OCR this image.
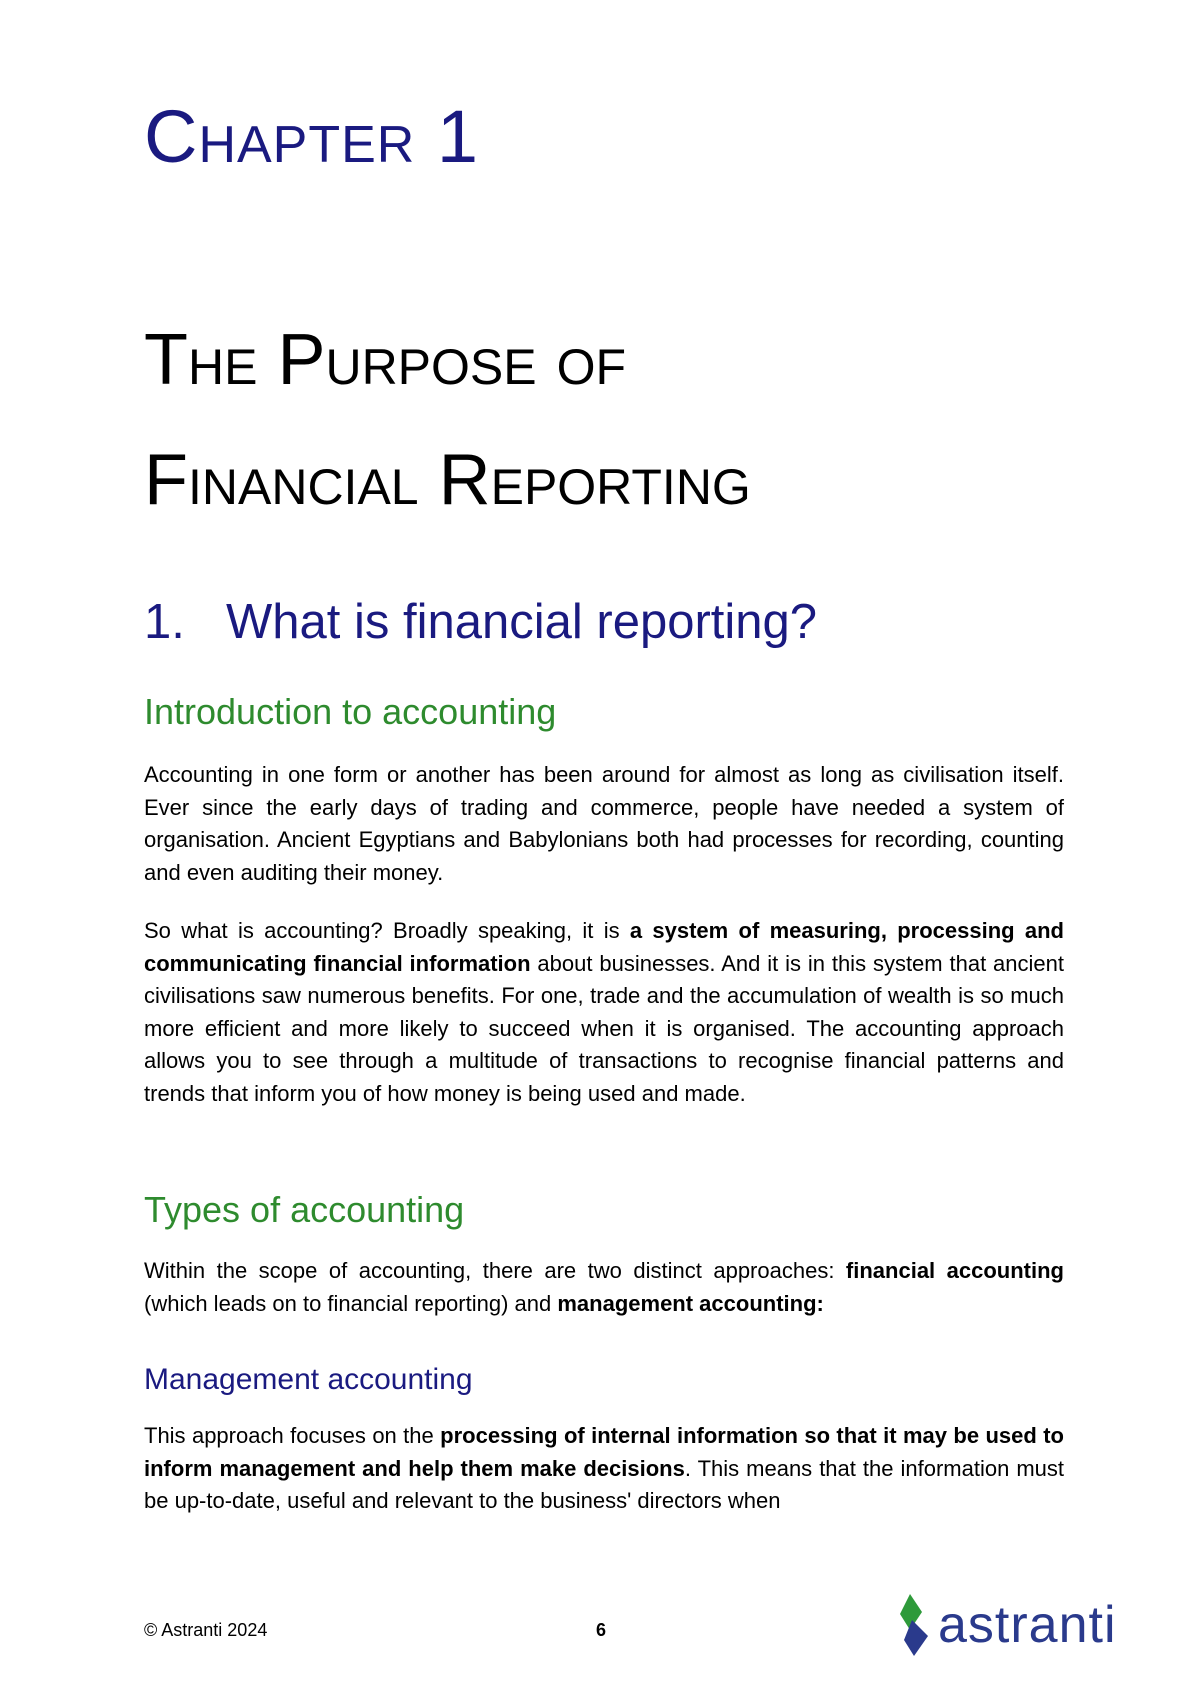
Chapter 1
The Purpose of
Financial Reporting
1. What is financial reporting?
Introduction to accounting

Accounting in one form or another has been around for almost as long as civilisation itself. Ever since the early days of trading and commerce, people have needed a system of organisation. Ancient Egyptians and Babylonians both had processes for recording, counting and even auditing their money.

So what is accounting? Broadly speaking, it is a system of measuring, processing and communicating financial information about businesses. And it is in this system that ancient civilisations saw numerous benefits. For one, trade and the accumulation of wealth is so much more efficient and more likely to succeed when it is organised. The accounting approach allows you to see through a multitude of transactions to recognise financial patterns and trends that inform you of how money is being used and made.

Types of accounting

Within the scope of accounting, there are two distinct approaches: financial accounting (which leads on to financial reporting) and management accounting:

Management accounting

This approach focuses on the processing of internal information so that it may be used to inform management and help them make decisions. This means that the information must be up-to-date, useful and relevant to the business' directors when

© Astranti 2024	6	astranti
